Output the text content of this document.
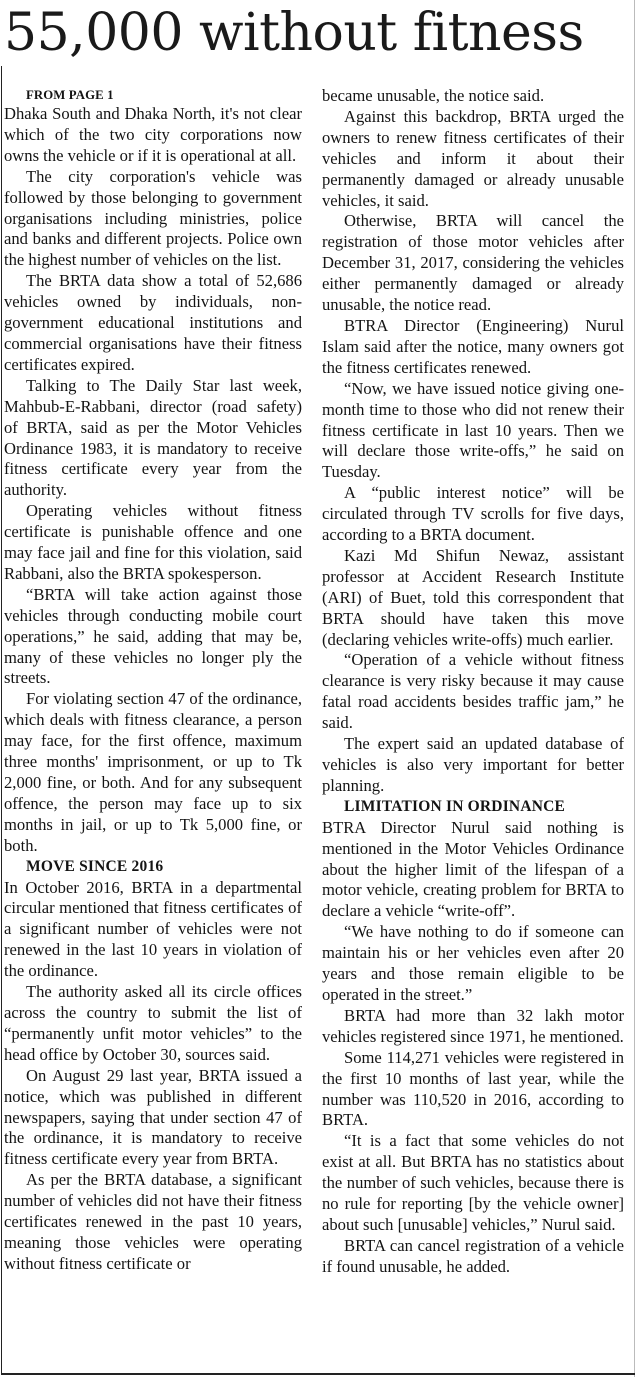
55,000 without fitness

FROM PAGE 1

Dhaka South and Dhaka North, it's not clear which of the two city corporations now owns the vehicle or if it is operational at all.

The city corporation's vehicle was followed by those belonging to government organisations including ministries, police and banks and different projects. Police own the highest number of vehicles on the list.

The BRTA data show a total of 52,686 vehicles owned by individuals, non-government educational institutions and commercial organisations have their fitness certificates expired.

Talking to The Daily Star last week, Mahbub-E-Rabbani, director (road safety) of BRTA, said as per the Motor Vehicles Ordinance 1983, it is mandatory to receive fitness certificate every year from the authority.

Operating vehicles without fitness certificate is punishable offence and one may face jail and fine for this violation, said Rabbani, also the BRTA spokesperson.

“BRTA will take action against those vehicles through conducting mobile court operations,” he said, adding that may be, many of these vehicles no longer ply the streets.

For violating section 47 of the ordinance, which deals with fitness clearance, a person may face, for the first offence, maximum three months' imprisonment, or up to Tk 2,000 fine, or both. And for any subsequent offence, the person may face up to six months in jail, or up to Tk 5,000 fine, or both.

MOVE SINCE 2016

In October 2016, BRTA in a departmental circular mentioned that fitness certificates of a significant number of vehicles were not renewed in the last 10 years in violation of the ordinance.

The authority asked all its circle offices across the country to submit the list of “permanently unfit motor vehicles” to the head office by October 30, sources said.

On August 29 last year, BRTA issued a notice, which was published in different newspapers, saying that under section 47 of the ordinance, it is mandatory to receive fitness certificate every year from BRTA.

As per the BRTA database, a significant number of vehicles did not have their fitness certificates renewed in the past 10 years, meaning those vehicles were operating without fitness certificate or

became unusable, the notice said.

Against this backdrop, BRTA urged the owners to renew fitness certificates of their vehicles and inform it about their permanently damaged or already unusable vehicles, it said.

Otherwise, BRTA will cancel the registration of those motor vehicles after December 31, 2017, considering the vehicles either permanently damaged or already unusable, the notice read.

BTRA Director (Engineering) Nurul Islam said after the notice, many owners got the fitness certificates renewed.

“Now, we have issued notice giving one-month time to those who did not renew their fitness certificate in last 10 years. Then we will declare those write-offs,” he said on Tuesday.

A “public interest notice” will be circulated through TV scrolls for five days, according to a BRTA document.

Kazi Md Shifun Newaz, assistant professor at Accident Research Institute (ARI) of Buet, told this correspondent that BRTA should have taken this move (declaring vehicles write-offs) much earlier.

“Operation of a vehicle without fitness clearance is very risky because it may cause fatal road accidents besides traffic jam,” he said.

The expert said an updated database of vehicles is also very important for better planning.

LIMITATION IN ORDINANCE

BTRA Director Nurul said nothing is mentioned in the Motor Vehicles Ordinance about the higher limit of the lifespan of a motor vehicle, creating problem for BRTA to declare a vehicle “write-off”.

“We have nothing to do if someone can maintain his or her vehicles even after 20 years and those remain eligible to be operated in the street.”

BRTA had more than 32 lakh motor vehicles registered since 1971, he mentioned.

Some 114,271 vehicles were registered in the first 10 months of last year, while the number was 110,520 in 2016, according to BRTA.

“It is a fact that some vehicles do not exist at all. But BRTA has no statistics about the number of such vehicles, because there is no rule for reporting [by the vehicle owner] about such [unusable] vehicles,” Nurul said.

BRTA can cancel registration of a vehicle if found unusable, he added.
